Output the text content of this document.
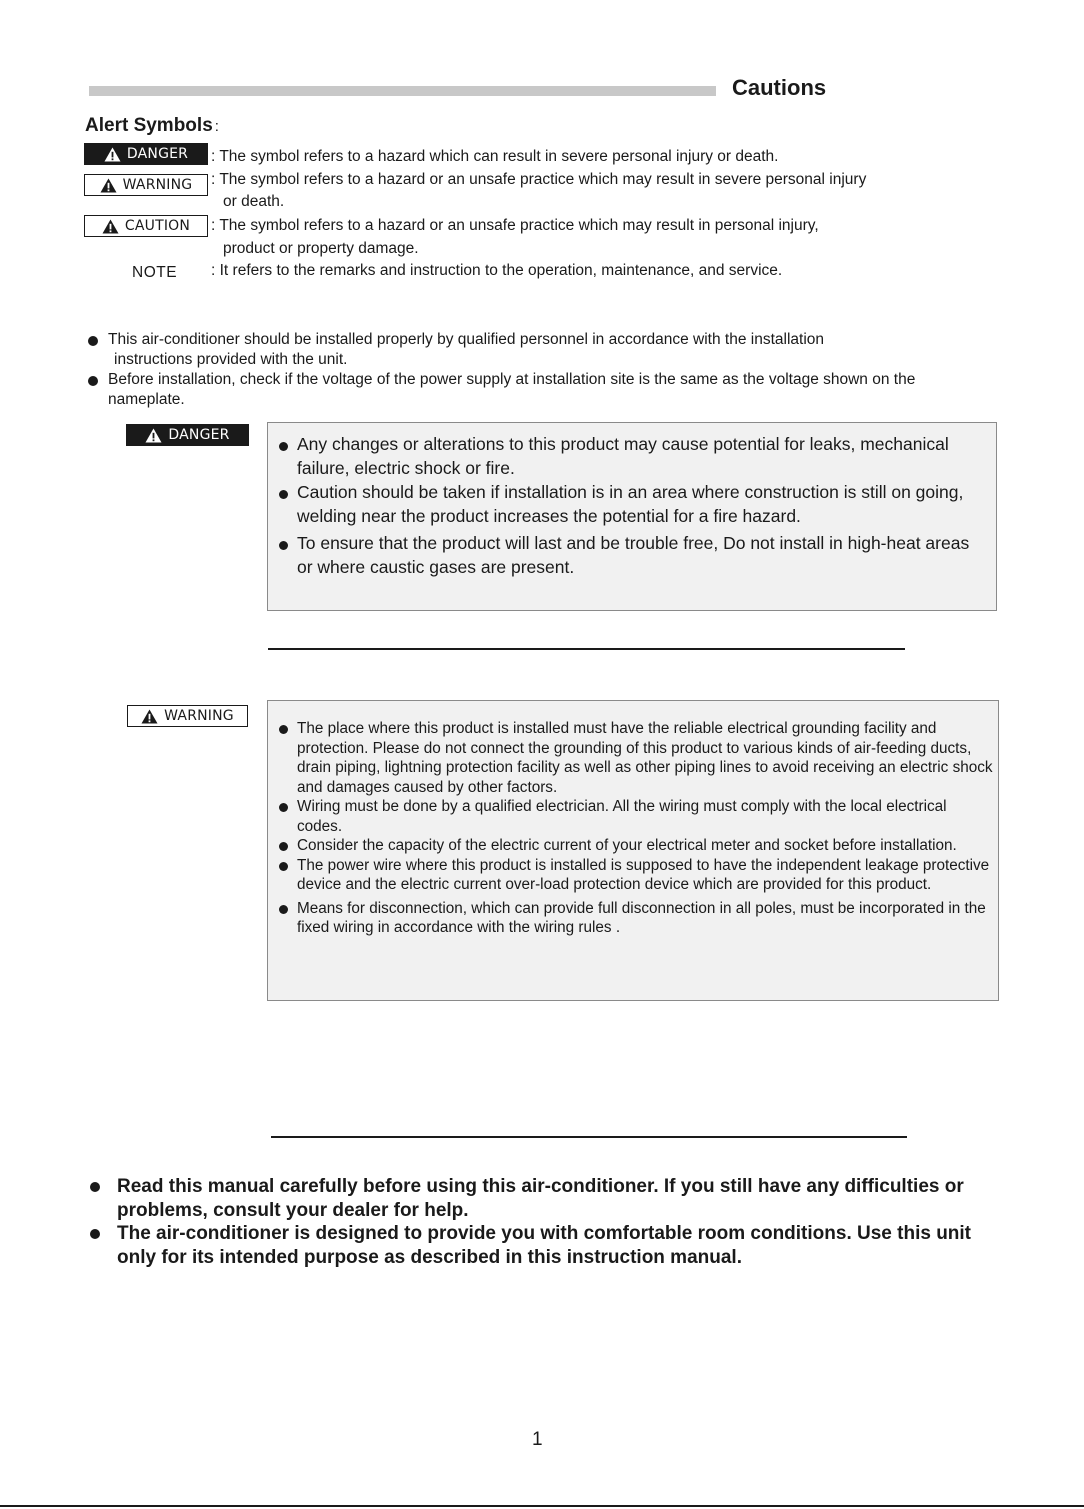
Cautions
Alert Symbols :
DANGER : The symbol refers to a hazard which can result in severe personal injury or death.
WARNING : The symbol refers to a hazard or an unsafe practice which may result in severe personal injury
or death.
CAUTION : The symbol refers to a hazard or an unsafe practice which may result in personal injury,
product or property damage.
NOTE : It refers to the remarks and instruction to the operation, maintenance, and service.
This air-conditioner should be installed properly by qualified personnel in accordance with the installation
instructions provided with the unit.
Before installation, check if the voltage of the power supply at installation site is the same as the voltage shown on the nameplate.
DANGER	Any changes or alterations to this product may cause potential for leaks, mechanical failure, electric shock or fire.
Caution should be taken if installation is in an area where construction is still on going, welding near the product increases the potential for a fire hazard.
To ensure that the product will last and be trouble free, Do not install in high-heat areas or where caustic gases are present.
WARNING
The place where this product is installed must have the reliable electrical grounding facility and protection. Please do not connect the grounding of this product to various kinds of air-feeding ducts, drain piping, lightning protection facility as well as other piping lines to avoid receiving an electric shock and damages caused by other factors.
Wiring must be done by a qualified electrician. All the wiring must comply with the local electrical codes.
Consider the capacity of the electric current of your electrical meter and socket before installation.
The power wire where this product is installed is supposed to have the independent leakage protective device and the electric current over-load protection device which are provided for this product.
Means for disconnection, which can provide full disconnection in all poles, must be incorporated in the fixed wiring in accordance with the wiring rules .
Read this manual carefully before using this air-conditioner. If you still have any difficulties or problems, consult your dealer for help.
The air-conditioner is designed to provide you with comfortable room conditions. Use this unit only for its intended purpose as described in this instruction manual.
1
